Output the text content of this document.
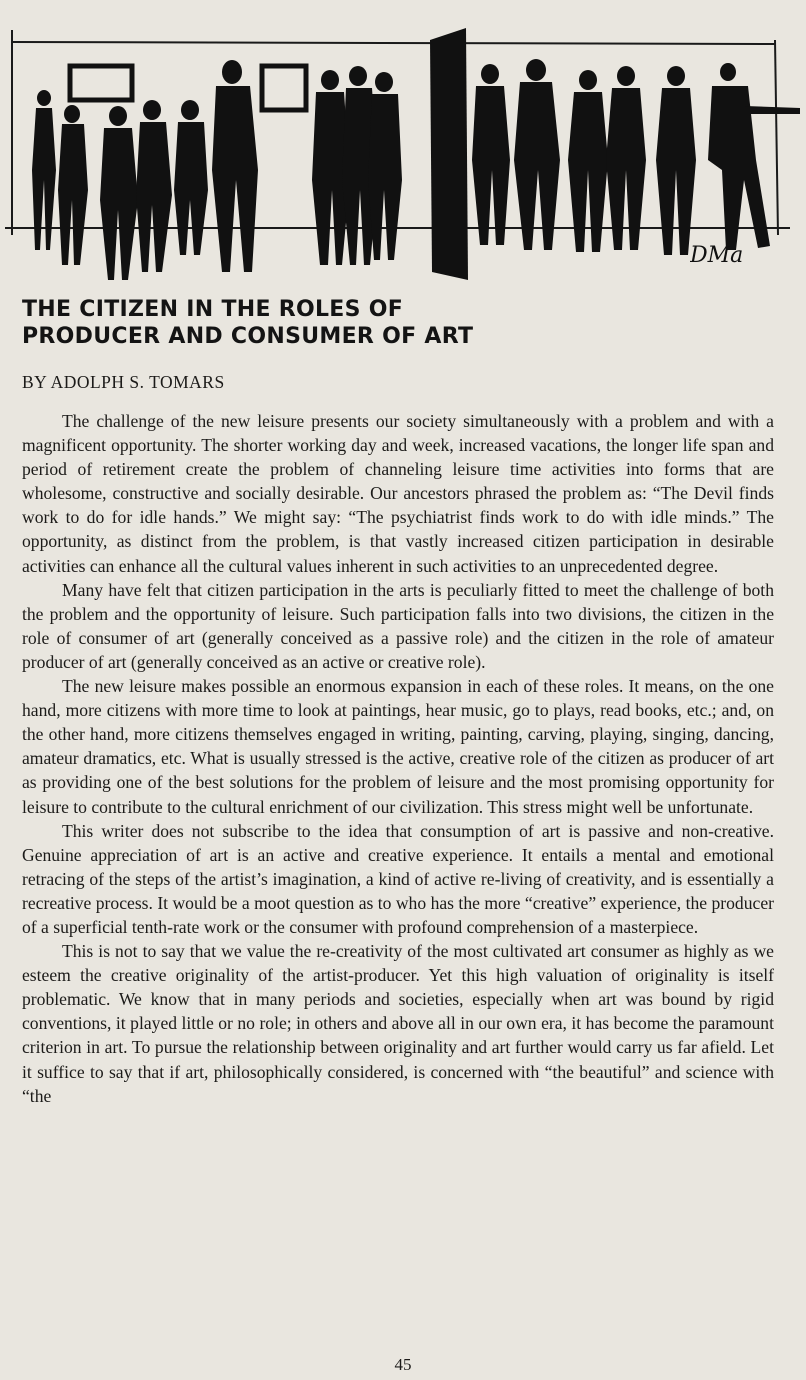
DMa
THE CITIZEN IN THE ROLES OF
PRODUCER AND CONSUMER OF ART

BY ADOLPH S. TOMARS

The challenge of the new leisure presents our society simultaneously with a problem and with a magnificent opportunity. The shorter working day and week, increased vacations, the longer life span and period of retirement create the problem of channeling leisure time activities into forms that are wholesome, constructive and socially desirable. Our ancestors phrased the problem as: “The Devil finds work to do for idle hands.” We might say: “The psychiatrist finds work to do with idle minds.” The opportunity, as distinct from the problem, is that vastly increased citizen participation in desirable activities can enhance all the cultural values inherent in such activities to an unprecedented degree.

Many have felt that citizen participation in the arts is peculiarly fitted to meet the challenge of both the problem and the opportunity of leisure. Such participation falls into two divisions, the citizen in the role of consumer of art (generally conceived as a passive role) and the citizen in the role of amateur producer of art (generally conceived as an active or creative role).

The new leisure makes possible an enormous expansion in each of these roles. It means, on the one hand, more citizens with more time to look at paintings, hear music, go to plays, read books, etc.; and, on the other hand, more citizens themselves engaged in writing, painting, carving, playing, singing, dancing, amateur dramatics, etc. What is usually stressed is the active, creative role of the citizen as producer of art as providing one of the best solutions for the problem of leisure and the most promising opportunity for leisure to contribute to the cultural enrichment of our civilization. This stress might well be unfortunate.

This writer does not subscribe to the idea that consumption of art is passive and non-creative. Genuine appreciation of art is an active and creative experience. It entails a mental and emotional retracing of the steps of the artist’s imagination, a kind of active re-living of creativity, and is essentially a recreative process. It would be a moot question as to who has the more “creative” experience, the producer of a superficial tenth-rate work or the consumer with profound comprehension of a masterpiece.

This is not to say that we value the re-creativity of the most cultivated art consumer as highly as we esteem the creative originality of the artist-producer. Yet this high valuation of originality is itself problematic. We know that in many periods and societies, especially when art was bound by rigid conventions, it played little or no role; in others and above all in our own era, it has become the paramount criterion in art. To pursue the relationship between originality and art further would carry us far afield. Let it suffice to say that if art, philosophically considered, is concerned with “the beautiful” and science with “the

45
